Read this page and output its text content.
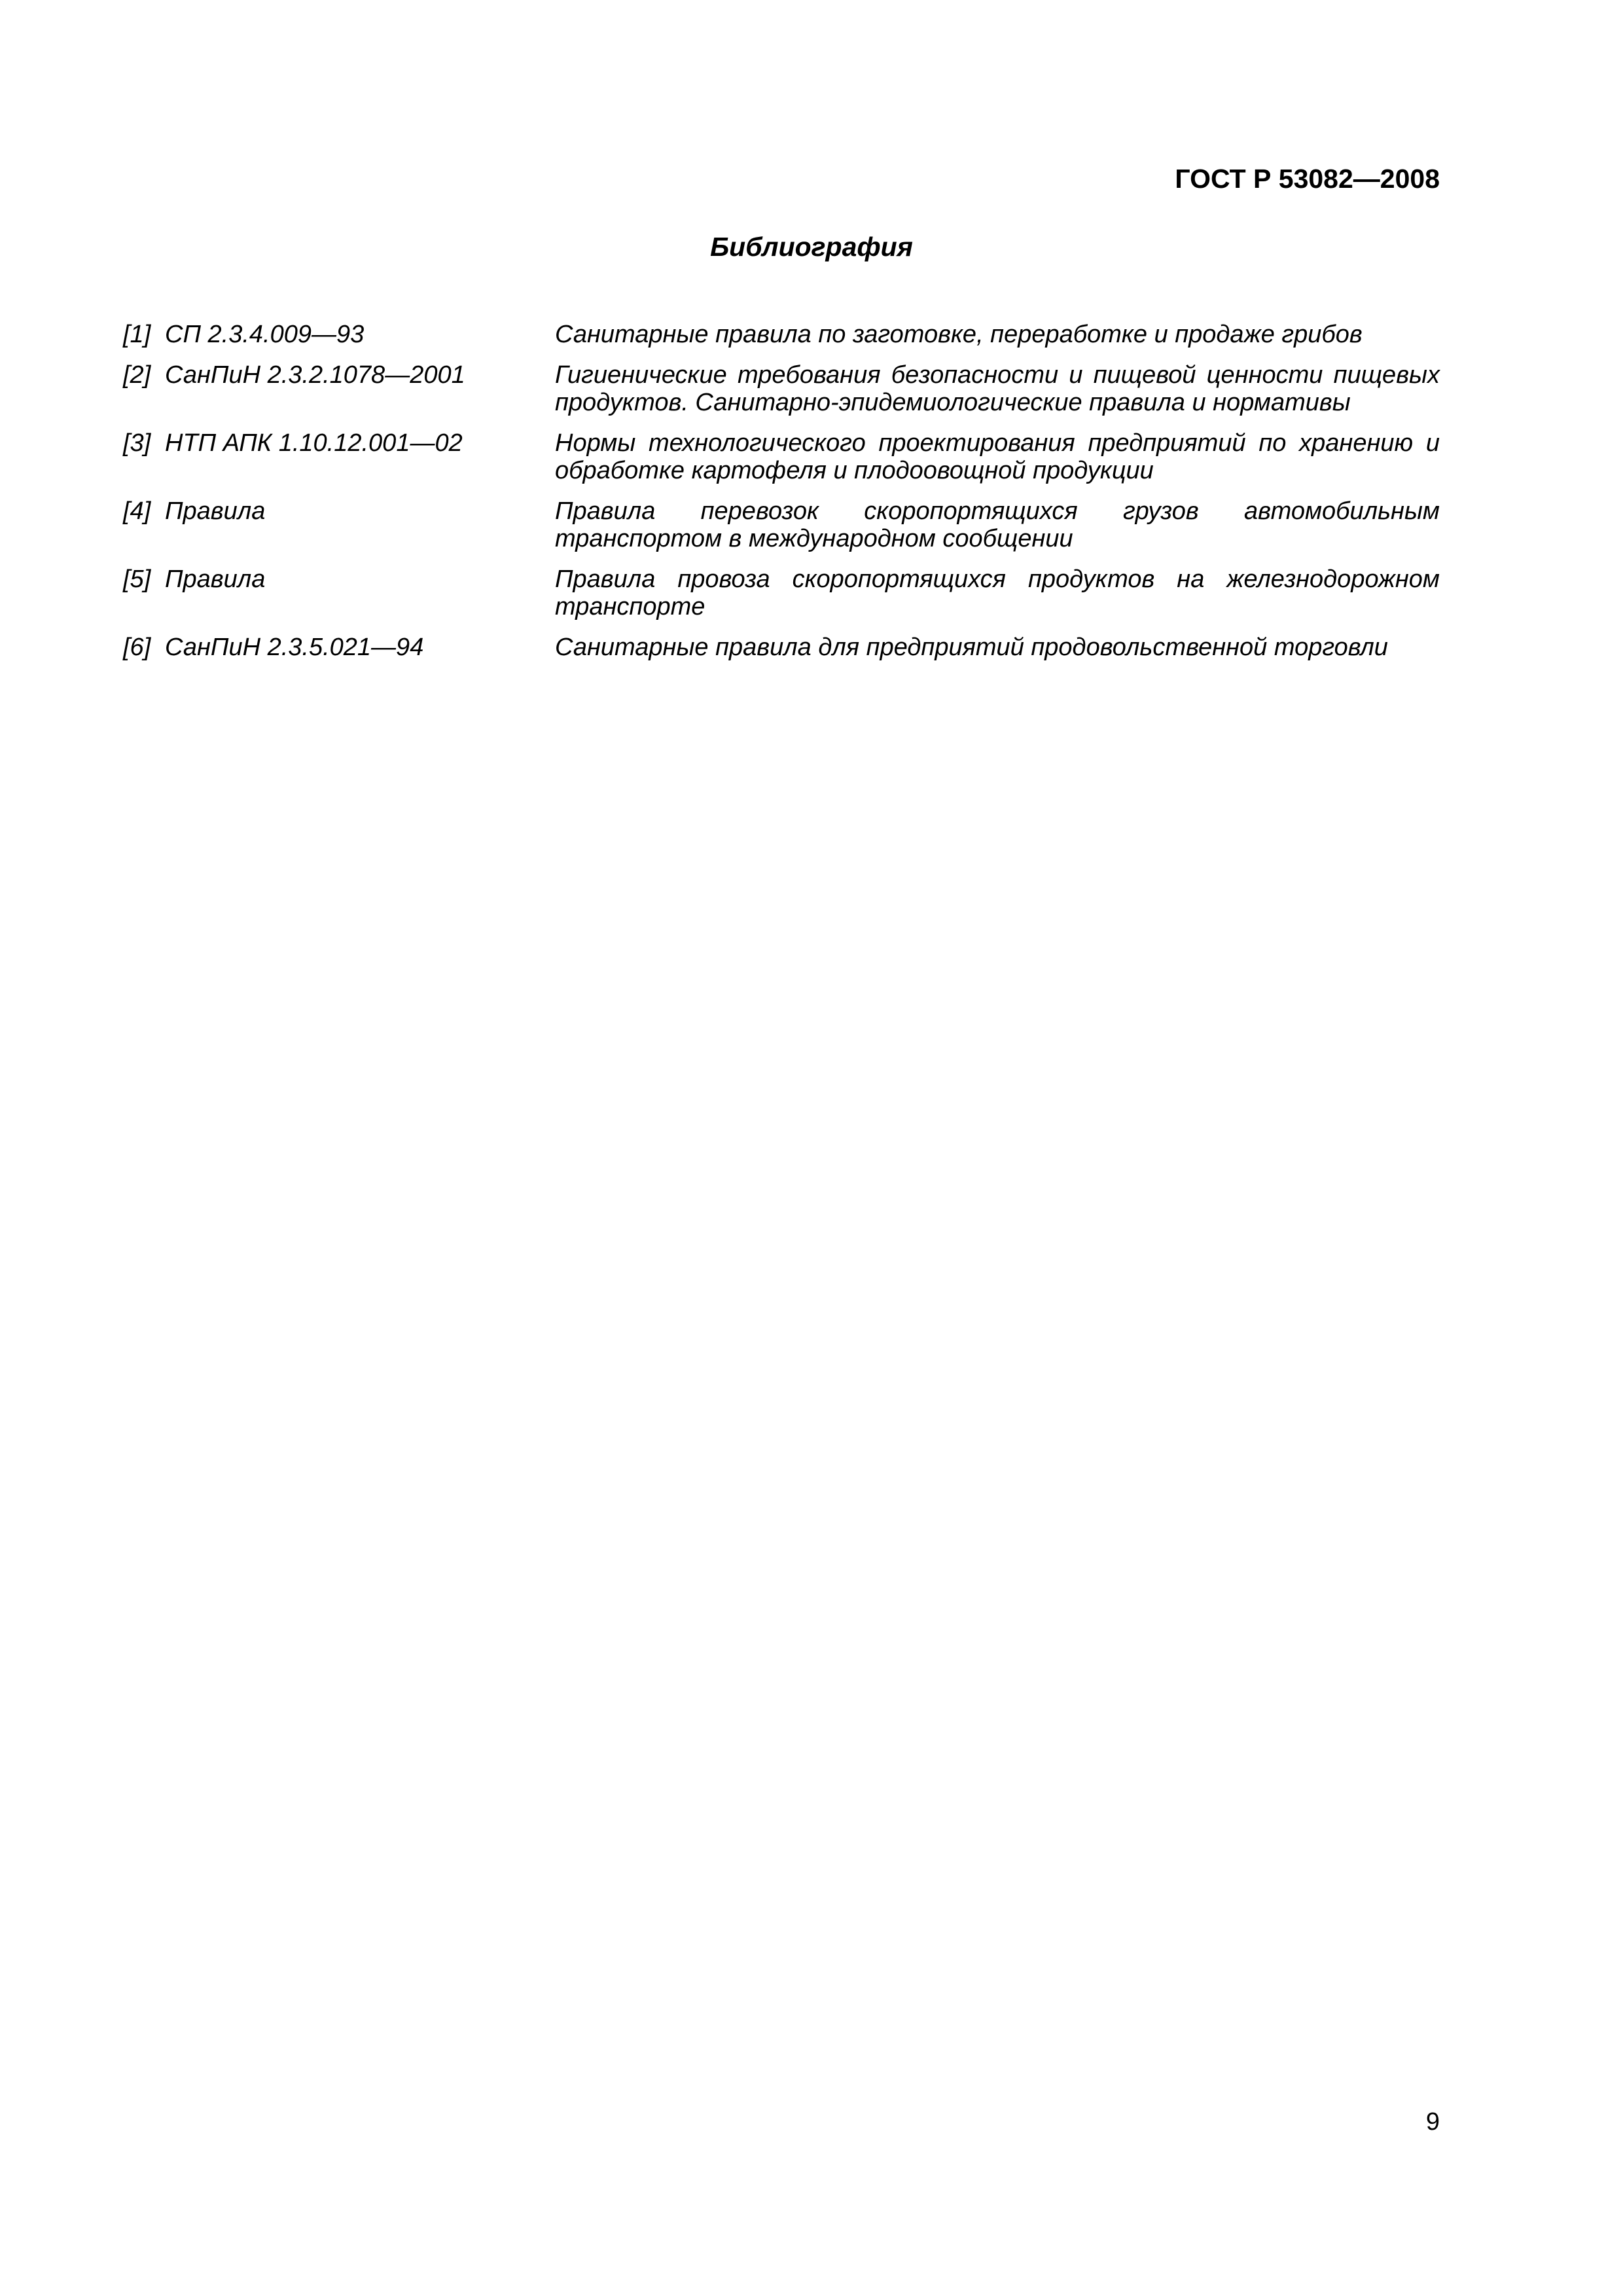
ГОСТ Р 53082—2008
Библиография
[1] СП 2.3.4.009—93	Санитарные правила по заготовке, переработке и продаже грибов
[2] СанПиН 2.3.2.1078—2001	Гигиенические требования безопасности и пищевой ценности пищевых продуктов. Санитарно-эпидемиологические правила и нормативы
[3] НТП АПК 1.10.12.001—02	Нормы технологического проектирования предприятий по хранению и обработке картофеля и плодоовощной продукции
[4] Правила	Правила перевозок скоропортящихся грузов автомобильным транспортом в международном сообщении
[5] Правила	Правила провоза скоропортящихся продуктов на железнодорожном транспорте
[6] СанПиН 2.3.5.021—94	Санитарные правила для предприятий продовольственной торговли
9
